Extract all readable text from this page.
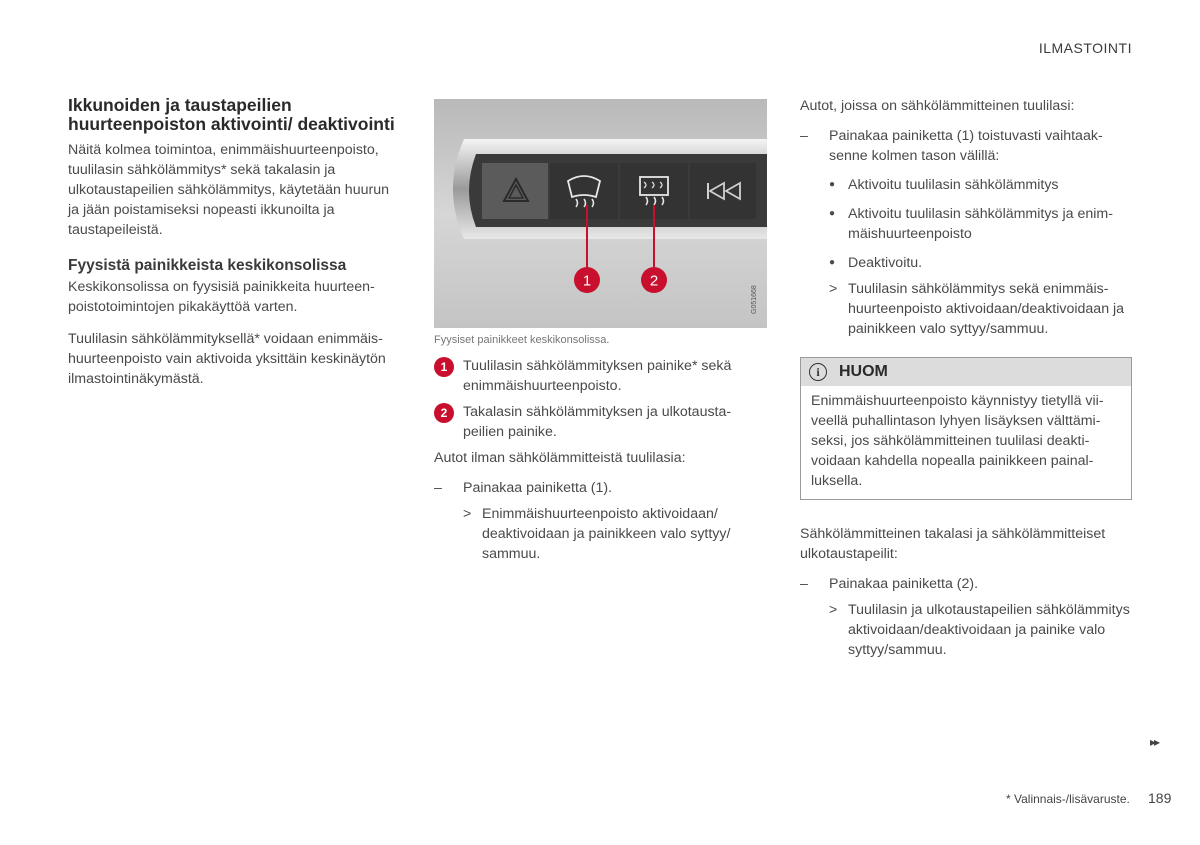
ILMASTOINTI
Ikkunoiden ja taustapeilien huurteenpoiston aktivointi/ deaktivointi

Näitä kolmea toimintoa, enimmäishuurteenpoisto, tuulilasin sähkölämmitys* sekä takalasin ja ulkotaustapeilien sähkölämmitys, käytetään huurun ja jään poistamiseksi nopeasti ikkunoilta ja taustapeileistä.

Fyysistä painikkeista keskikonsolissa

Keskikonsolissa on fyysisiä painikkeita huurteenpoistotoimintojen pikakäyttöä varten.

Tuulilasin sähkölämmityksellä* voidaan enimmäishuurteenpoisto vain aktivoida yksittäin keskinäytön ilmastointinäkymästä.

1	2
G051668
Fyysiset painikkeet keskikonsolissa.
1	Tuulilasin sähkölämmityksen painike* sekä enimmäishuurteenpoisto.
2	Takalasin sähkölämmityksen ja ulkotaustapeilien painike.

Autot ilman sähkölämmitteistä tuulilasia:

–	Painakaa painiketta (1).
> Enimmäishuurteenpoisto aktivoidaan/ deaktivoidaan ja painikkeen valo syttyy/ sammuu.

Autot, joissa on sähkölämmitteinen tuulilasi:

–	Painakaa painiketta (1) toistuvasti vaihtaaksenne kolmen tason välillä:
● Aktivoitu tuulilasin sähkölämmitys
● Aktivoitu tuulilasin sähkölämmitys ja enimmäishuurteenpoisto
● Deaktivoitu.
> Tuulilasin sähkölämmitys sekä enimmäishuurteenpoisto aktivoidaan/deaktivoidaan ja painikkeen valo syttyy/sammuu.
i	HUOM
Enimmäishuurteenpoisto käynnistyy tietyllä viiveellä puhallintason lyhyen lisäyksen välttämiseksi, jos sähkölämmitteinen tuulilasi deaktivoidaan kahdella nopealla painikkeen painalluksella.

Sähkölämmitteinen takalasi ja sähkölämmitteiset ulkotaustapeilit:

–	Painakaa painiketta (2).
> Tuulilasin ja ulkotaustapeilien sähkölämmitys aktivoidaan/deaktivoidaan ja painike valo syttyy/sammuu.
▸▸
* Valinnais-/lisävaruste. 189
